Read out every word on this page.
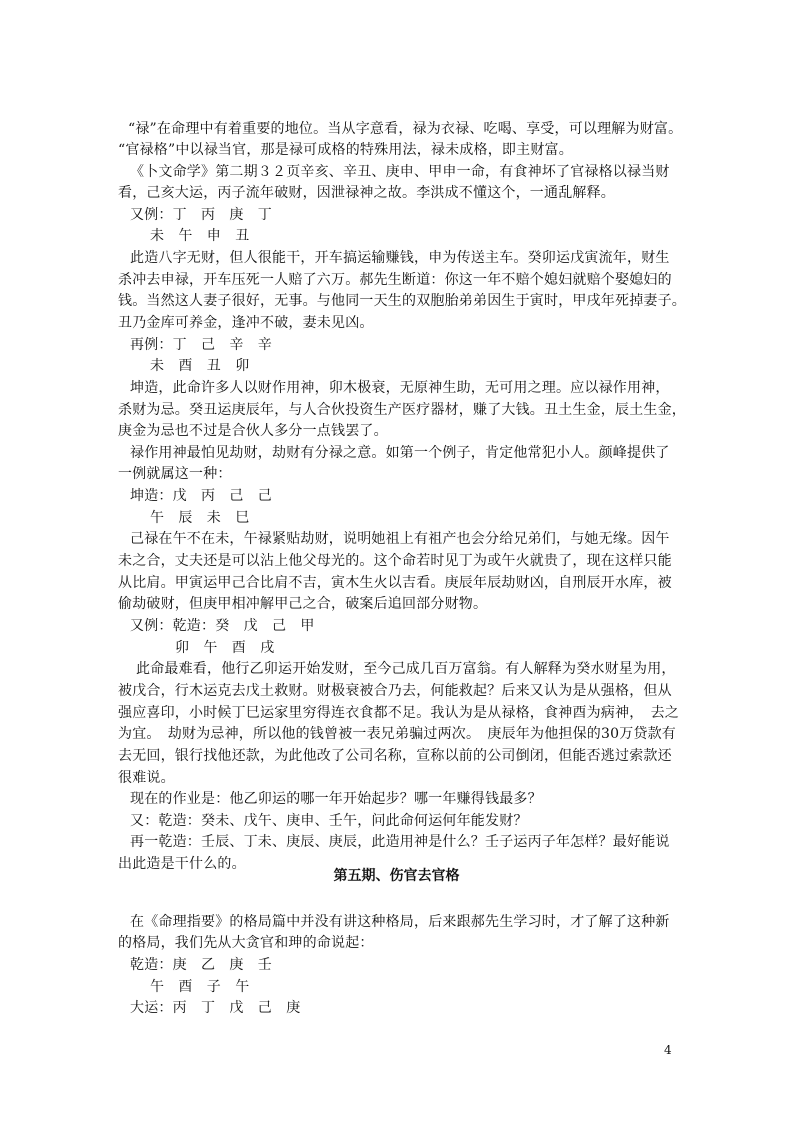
“禄”在命理中有着重要的地位。当从字意看，禄为衣禄、吃喝、享受，可以理解为财富。
“官禄格”中以禄当官，那是禄可成格的特殊用法，禄未成格，即主财富。
《卜文命学》第二期３２页辛亥、辛丑、庚申、甲申一命，有食神坏了官禄格以禄当财
看，己亥大运，丙子流年破财，因泄禄神之故。李洪成不懂这个，一通乱解释。
又例：丁　丙　庚　丁
未　午　申　丑
此造八字无财，但人很能干，开车搞运输赚钱，申为传送主车。癸卯运戊寅流年，财生
杀冲去申禄，开车压死一人赔了六万。郝先生断道：你这一年不赔个媳妇就赔个娶媳妇的
钱。当然这人妻子很好，无事。与他同一天生的双胞胎弟弟因生于寅时，甲戌年死掉妻子。
丑乃金库可养金，逢冲不破，妻未见凶。
再例：丁　己　辛　辛
未　酉　丑　卯
坤造，此命许多人以财作用神，卯木极衰，无原神生助，无可用之理。应以禄作用神，
杀财为忌。癸丑运庚辰年，与人合伙投资生产医疗器材，赚了大钱。丑土生金，辰土生金，
庚金为忌也不过是合伙人多分一点钱罢了。
禄作用神最怕见劫财，劫财有分禄之意。如第一个例子，肯定他常犯小人。颜峰提供了
一例就属这一种：
坤造：戊　丙　己　己
午　辰　未　巳
己禄在午不在未，午禄紧贴劫财，说明她祖上有祖产也会分给兄弟们，与她无缘。因午
未之合，丈夫还是可以沾上他父母光的。这个命若时见丁为或午火就贵了，现在这样只能
从比肩。甲寅运甲己合比肩不吉，寅木生火以吉看。庚辰年辰劫财凶，自刑辰开水库，被
偷劫破财，但庚甲相冲解甲己之合，破案后追回部分财物。
又例：乾造：癸　戊　己　甲
卯　午　酉　戌
此命最难看，他行乙卯运开始发财，至今己成几百万富翁。有人解释为癸水财星为用，
被戊合，行木运克去戊土救财。财极衰被合乃去，何能救起？后来又认为是从强格，但从
强应喜印，小时候丁巳运家里穷得连衣食都不足。我认为是从禄格，食神酉为病神，　去之
为宜。　劫财为忌神，所以他的钱曾被一表兄弟骗过两次。　庚辰年为他担保的30万贷款有
去无回，银行找他还款，为此他改了公司名称，宣称以前的公司倒闭，但能否逃过索款还
很难说。
现在的作业是：他乙卯运的哪一年开始起步？哪一年赚得钱最多？
又：乾造：癸未、戊午、庚申、壬午，问此命何运何年能发财？
再一乾造：壬辰、丁未、庚辰、庚辰，此造用神是什么？壬子运丙子年怎样？最好能说
出此造是干什么的。
第五期、伤官去官格
在《命理指要》的格局篇中并没有讲这种格局，后来跟郝先生学习时，才了解了这种新
的格局，我们先从大贪官和珅的命说起：
乾造：庚　乙　庚　壬
午　酉　子　午
大运：丙　丁　戊　己　庚
4
